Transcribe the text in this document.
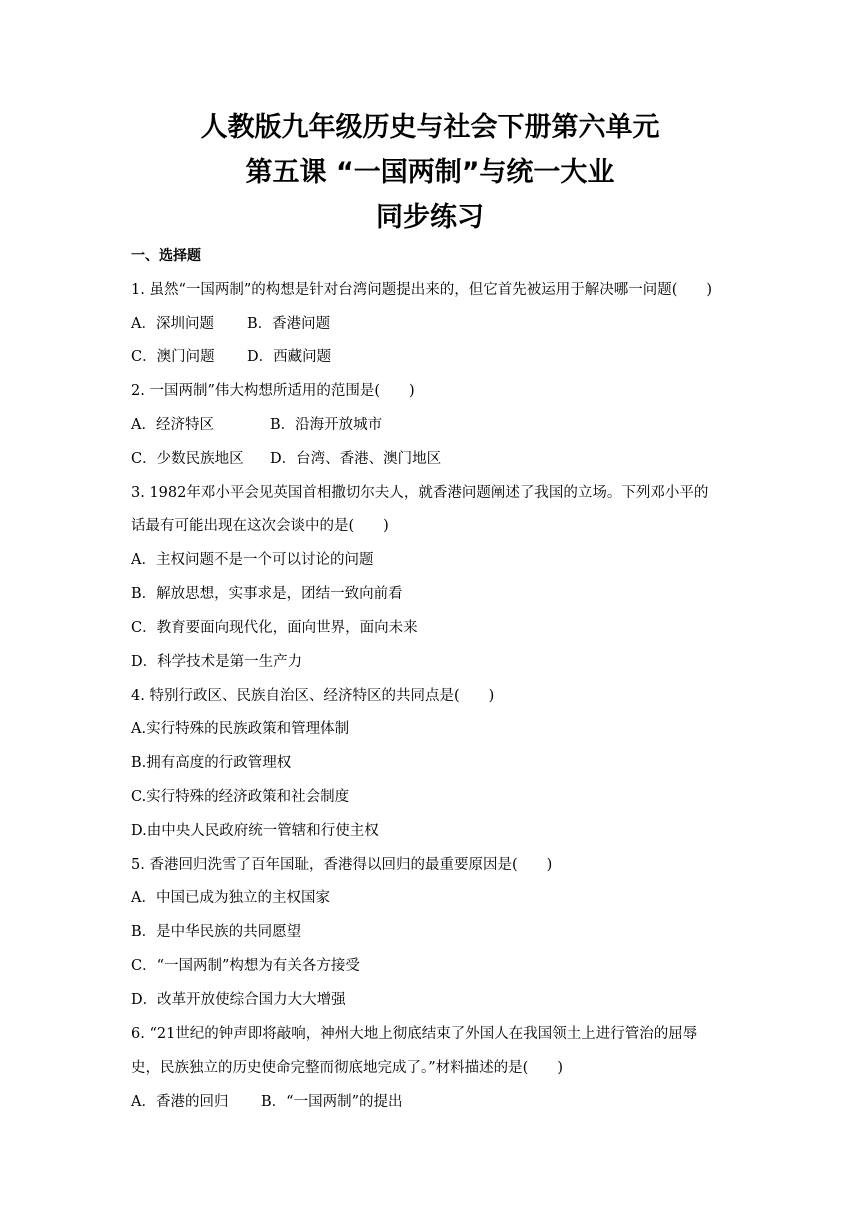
人教版九年级历史与社会下册第六单元
第五课 “一国两制”与统一大业
同步练习
一、选择题
1. 虽然“一国两制”的构想是针对台湾问题提出来的，但它首先被运用于解决哪一问题(　　)
A．深圳问题 B．香港问题
C．澳门问题 D．西藏问题
2. 一国两制”伟大构想所适用的范围是(　　)
A．经济特区	B．沿海开放城市
C．少数民族地区 D．台湾、香港、澳门地区
3. 1982年邓小平会见英国首相撒切尔夫人，就香港问题阐述了我国的立场。下列邓小平的
话最有可能出现在这次会谈中的是(　　)
A．主权问题不是一个可以讨论的问题
B．解放思想，实事求是，团结一致向前看
C．教育要面向现代化，面向世界，面向未来
D．科学技术是第一生产力
4. 特别行政区、民族自治区、经济特区的共同点是(　　)
A.实行特殊的民族政策和管理体制
B.拥有高度的行政管理权
C.实行特殊的经济政策和社会制度
D.由中央人民政府统一管辖和行使主权
5. 香港回归洗雪了百年国耻，香港得以回归的最重要原因是(　　)
A．中国已成为独立的主权国家
B．是中华民族的共同愿望
C．“一国两制”构想为有关各方接受
D．改革开放使综合国力大大增强
6. “21世纪的钟声即将敲响，神州大地上彻底结束了外国人在我国领土上进行管治的屈辱
史，民族独立的历史使命完整而彻底地完成了。”材料描述的是(　　)
A．香港的回归 B．“一国两制”的提出
